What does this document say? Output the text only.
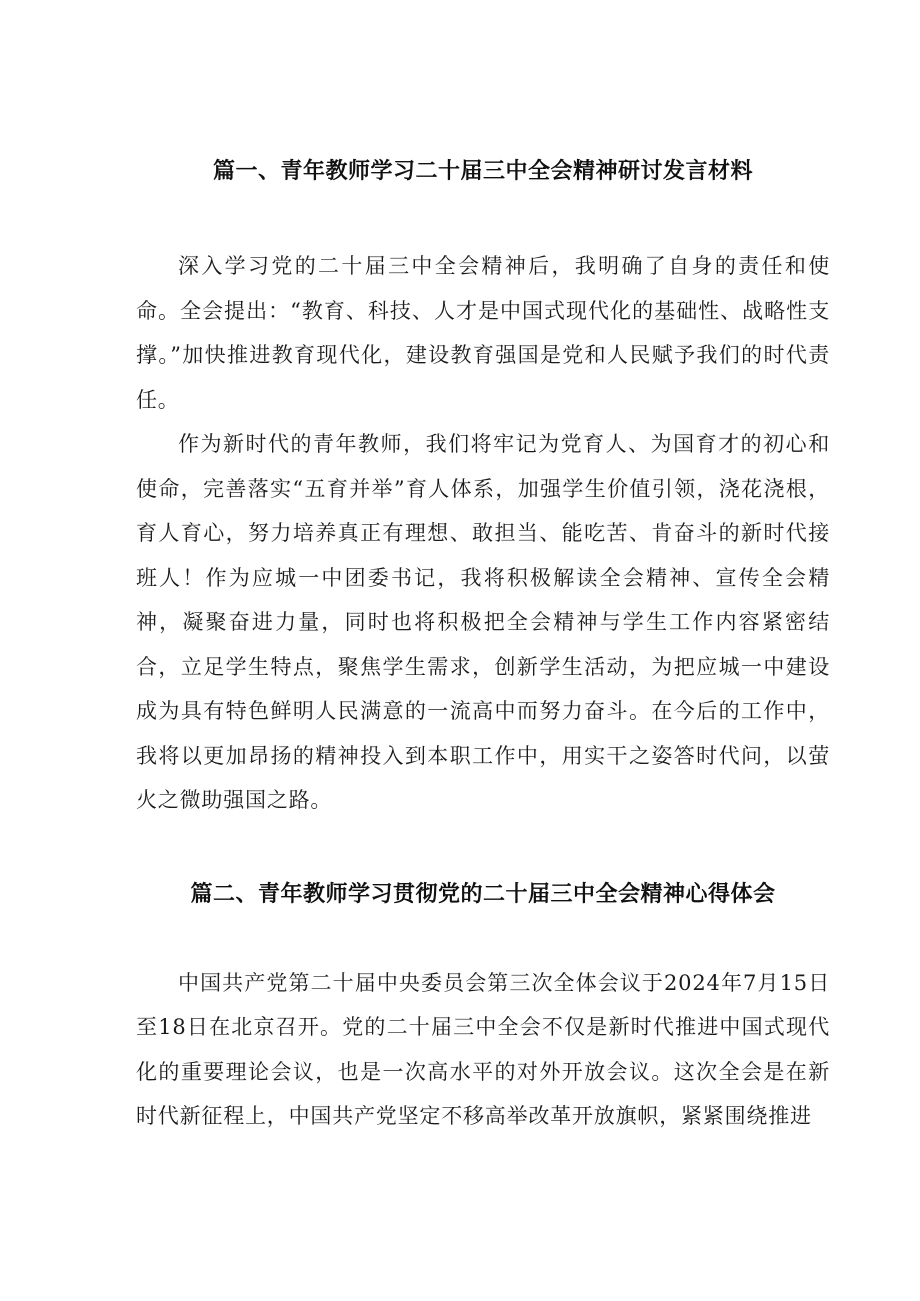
篇一、青年教师学习二十届三中全会精神研讨发言材料

深入学习党的二十届三中全会精神后，我明确了自身的责任和使命。全会提出：“教育、科技、人才是中国式现代化的基础性、战略性支撑。”加快推进教育现代化，建设教育强国是党和人民赋予我们的时代责任。

作为新时代的青年教师，我们将牢记为党育人、为国育才的初心和使命，完善落实“五育并举”育人体系，加强学生价值引领，浇花浇根，育人育心，努力培养真正有理想、敢担当、能吃苦、肯奋斗的新时代接班人！作为应城一中团委书记，我将积极解读全会精神、宣传全会精神，凝聚奋进力量，同时也将积极把全会精神与学生工作内容紧密结合，立足学生特点，聚焦学生需求，创新学生活动，为把应城一中建设成为具有特色鲜明人民满意的一流高中而努力奋斗。在今后的工作中，我将以更加昂扬的精神投入到本职工作中，用实干之姿答时代问，以萤火之微助强国之路。

篇二、青年教师学习贯彻党的二十届三中全会精神心得体会

中国共产党第二十届中央委员会第三次全体会议于2024年7月15日至18日在北京召开。党的二十届三中全会不仅是新时代推进中国式现代化的重要理论会议，也是一次高水平的对外开放会议。这次全会是在新时代新征程上，中国共产党坚定不移高举改革开放旗帜，紧紧围绕推进
